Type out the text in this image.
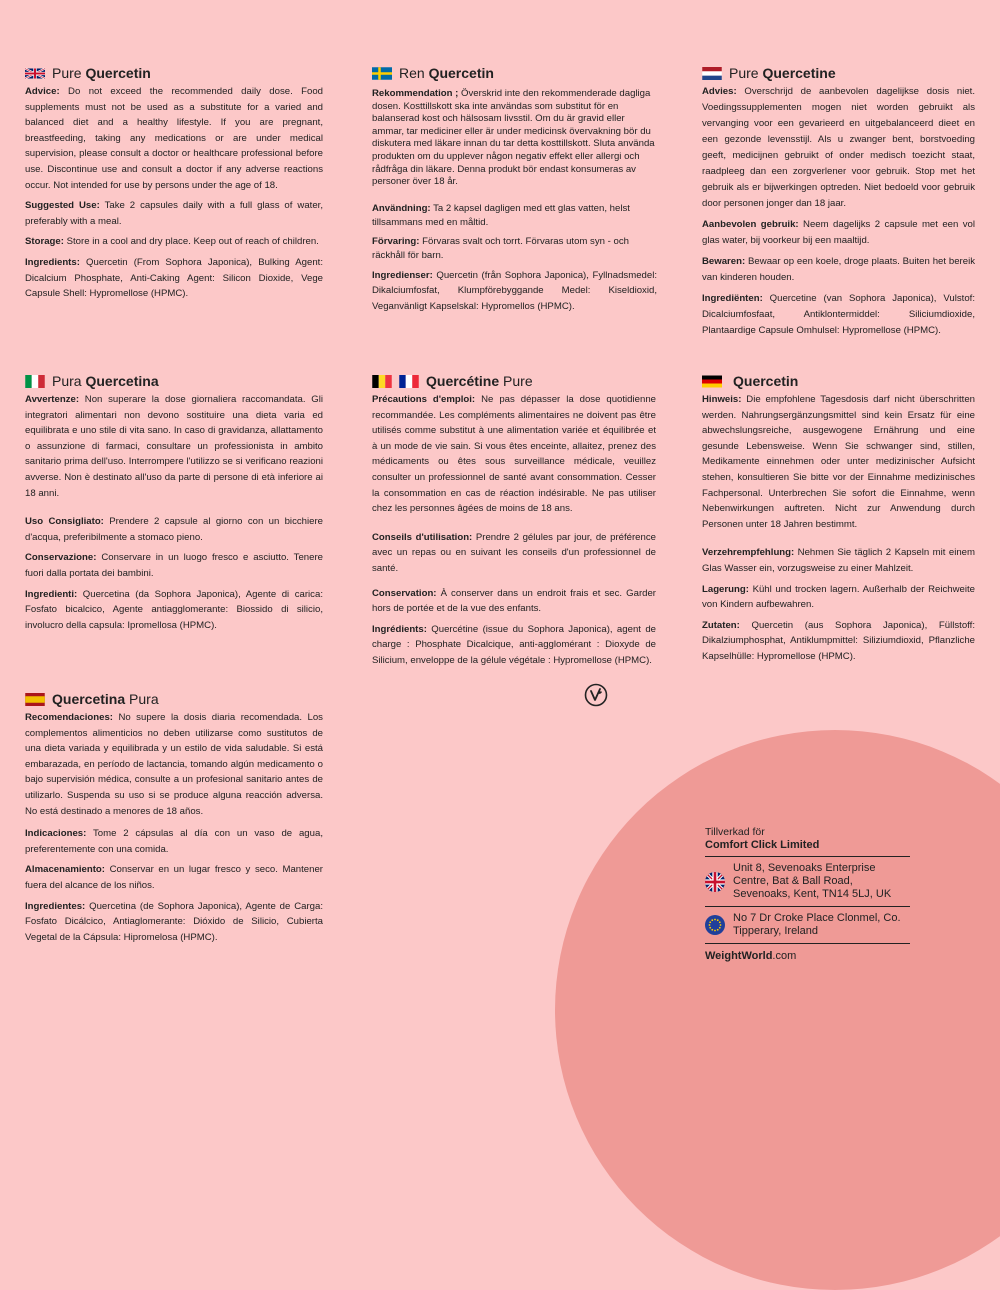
Pure Quercetin

Advice: Do not exceed the recommended daily dose. Food supplements must not be used as a substitute for a varied and balanced diet and a healthy lifestyle. If you are pregnant, breastfeeding, taking any medications or are under medical supervision, please consult a doctor or healthcare professional before use. Discontinue use and consult a doctor if any adverse reactions occur. Not intended for use by persons under the age of 18.

Suggested Use: Take 2 capsules daily with a full glass of water, preferably with a meal.

Storage: Store in a cool and dry place. Keep out of reach of children.

Ingredients: Quercetin (From Sophora Japonica), Bulking Agent: Dicalcium Phosphate, Anti-Caking Agent: Silicon Dioxide, Vege Capsule Shell: Hypromellose (HPMC).

Ren Quercetin

Rekommendation ; Överskrid inte den rekommenderade dagliga dosen. Kosttillskott ska inte användas som substitut för en balanserad kost och hälsosam livsstil. Om du är gravid eller ammar, tar mediciner eller är under medicinsk övervakning bör du diskutera med läkare innan du tar detta kosttillskott. Sluta använda produkten om du upplever någon negativ effekt eller allergi och rådfråga din läkare. Denna produkt bör endast konsumeras av personer över 18 år.

Användning: Ta 2 kapsel dagligen med ett glas vatten, helst tillsammans med en måltid.

Förvaring: Förvaras svalt och torrt. Förvaras utom syn - och räckhåll för barn.

Ingredienser: Quercetin (från Sophora Japonica), Fyllnadsmedel: Dikalciumfosfat, Klumpförebyggande Medel: Kiseldioxid, Veganvänligt Kapselskal: Hypromellos (HPMC).

Pure Quercetine

Advies: Overschrijd de aanbevolen dagelijkse dosis niet. Voedingssupplementen mogen niet worden gebruikt als vervanging voor een gevarieerd en uitgebalanceerd dieet en een gezonde levensstijl. Als u zwanger bent, borstvoeding geeft, medicijnen gebruikt of onder medisch toezicht staat, raadpleeg dan een zorgverlener voor gebruik. Stop met het gebruik als er bijwerkingen optreden. Niet bedoeld voor gebruik door personen jonger dan 18 jaar.

Aanbevolen gebruik: Neem dagelijks 2 capsule met een vol glas water, bij voorkeur bij een maaltijd.

Bewaren: Bewaar op een koele, droge plaats. Buiten het bereik van kinderen houden.

Ingrediënten: Quercetine (van Sophora Japonica), Vulstof: Dicalciumfosfaat, Antiklontermiddel: Siliciumdioxide, Plantaardige Capsule Omhulsel: Hypromellose (HPMC).

Pura Quercetina

Avvertenze: Non superare la dose giornaliera raccomandata. Gli integratori alimentari non devono sostituire una dieta varia ed equilibrata e uno stile di vita sano. In caso di gravidanza, allattamento o assunzione di farmaci, consultare un professionista in ambito sanitario prima dell'uso. Interrompere l'utilizzo se si verificano reazioni avverse. Non è destinato all'uso da parte di persone di età inferiore ai 18 anni.

Uso Consigliato: Prendere 2 capsule al giorno con un bicchiere d'acqua, preferibilmente a stomaco pieno.

Conservazione: Conservare in un luogo fresco e asciutto. Tenere fuori dalla portata dei bambini.

Ingredienti: Quercetina (da Sophora Japonica), Agente di carica: Fosfato bicalcico, Agente antiagglomerante: Biossido di silicio, involucro della capsula: Ipromellosa (HPMC).

Quercétine Pure

Précautions d'emploi: Ne pas dépasser la dose quotidienne recommandée. Les compléments alimentaires ne doivent pas être utilisés comme substitut à une alimentation variée et équilibrée et à un mode de vie sain. Si vous êtes enceinte, allaitez, prenez des médicaments ou êtes sous surveillance médicale, veuillez consulter un professionnel de santé avant consommation. Cesser la consommation en cas de réaction indésirable. Ne pas utiliser chez les personnes âgées de moins de 18 ans.

Conseils d'utilisation: Prendre 2 gélules par jour, de préférence avec un repas ou en suivant les conseils d'un professionnel de santé.

Conservation: À conserver dans un endroit frais et sec. Garder hors de portée et de la vue des enfants.

Ingrédients: Quercétine (issue du Sophora Japonica), agent de charge : Phosphate Dicalcique, anti-agglomérant : Dioxyde de Silicium, enveloppe de la gélule végétale : Hypromellose (HPMC).

Quercetin

Hinweis: Die empfohlene Tagesdosis darf nicht überschritten werden. Nahrungsergänzungsmittel sind kein Ersatz für eine abwechslungsreiche, ausgewogene Ernährung und eine gesunde Lebensweise. Wenn Sie schwanger sind, stillen, Medikamente einnehmen oder unter medizinischer Aufsicht stehen, konsultieren Sie bitte vor der Einnahme medizinisches Fachpersonal. Unterbrechen Sie sofort die Einnahme, wenn Nebenwirkungen auftreten. Nicht zur Anwendung durch Personen unter 18 Jahren bestimmt.

Verzehrempfehlung: Nehmen Sie täglich 2 Kapseln mit einem Glas Wasser ein, vorzugsweise zu einer Mahlzeit.

Lagerung: Kühl und trocken lagern. Außerhalb der Reichweite von Kindern aufbewahren.

Zutaten: Quercetin (aus Sophora Japonica), Füllstoff: Dikalziumphosphat, Antiklumpmittel: Siliziumdioxid, Pflanzliche Kapselhülle: Hypromellose (HPMC).

Quercetina Pura

Recomendaciones: No supere la dosis diaria recomendada. Los complementos alimenticios no deben utilizarse como sustitutos de una dieta variada y equilibrada y un estilo de vida saludable. Si está embarazada, en período de lactancia, tomando algún medicamento o bajo supervisión médica, consulte a un profesional sanitario antes de utilizarlo. Suspenda su uso si se produce alguna reacción adversa. No está destinado a menores de 18 años.

Indicaciones: Tome 2 cápsulas al día con un vaso de agua, preferentemente con una comida.

Almacenamiento: Conservar en un lugar fresco y seco. Mantener fuera del alcance de los niños.

Ingredientes: Quercetina (de Sophora Japonica), Agente de Carga: Fosfato Dicálcico, Antiaglomerante: Dióxido de Silicio, Cubierta Vegetal de la Cápsula: Hipromelosa (HPMC).

Tillverkad för
Comfort Click Limited
Unit 8, Sevenoaks Enterprise Centre, Bat & Ball Road, Sevenoaks, Kent, TN14 5LJ, UK
No 7 Dr Croke Place Clonmel, Co. Tipperary, Ireland
WeightWorld.com
